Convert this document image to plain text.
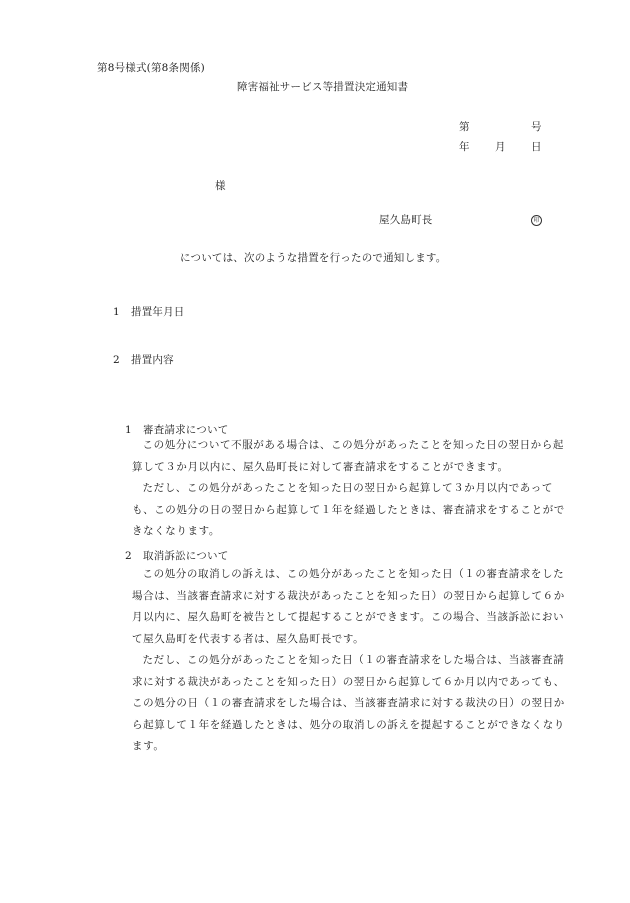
第8号様式(第8条関係)
障害福祉サービス等措置決定通知書
第	号
年 月 日
様
屋久島町長	印
については、次のような措置を行ったので通知します。
1 措置年月日
2 措置内容
1 審査請求について

この処分について不服がある場合は、この処分があったことを知った日の翌日から起算して３か月以内に、屋久島町長に対して審査請求をすることができます。

ただし、この処分があったことを知った日の翌日から起算して３か月以内であっても、この処分の日の翌日から起算して１年を経過したときは、審査請求をすることができなくなります。

2 取消訴訟について

この処分の取消しの訴えは、この処分があったことを知った日（１の審査請求をした場合は、当該審査請求に対する裁決があったことを知った日）の翌日から起算して６か月以内に、屋久島町を被告として提起することができます。この場合、当該訴訟において屋久島町を代表する者は、屋久島町長です。

ただし、この処分があったことを知った日（１の審査請求をした場合は、当該審査請求に対する裁決があったことを知った日）の翌日から起算して６か月以内であっても、この処分の日（１の審査請求をした場合は、当該審査請求に対する裁決の日）の翌日から起算して１年を経過したときは、処分の取消しの訴えを提起することができなくなります。
